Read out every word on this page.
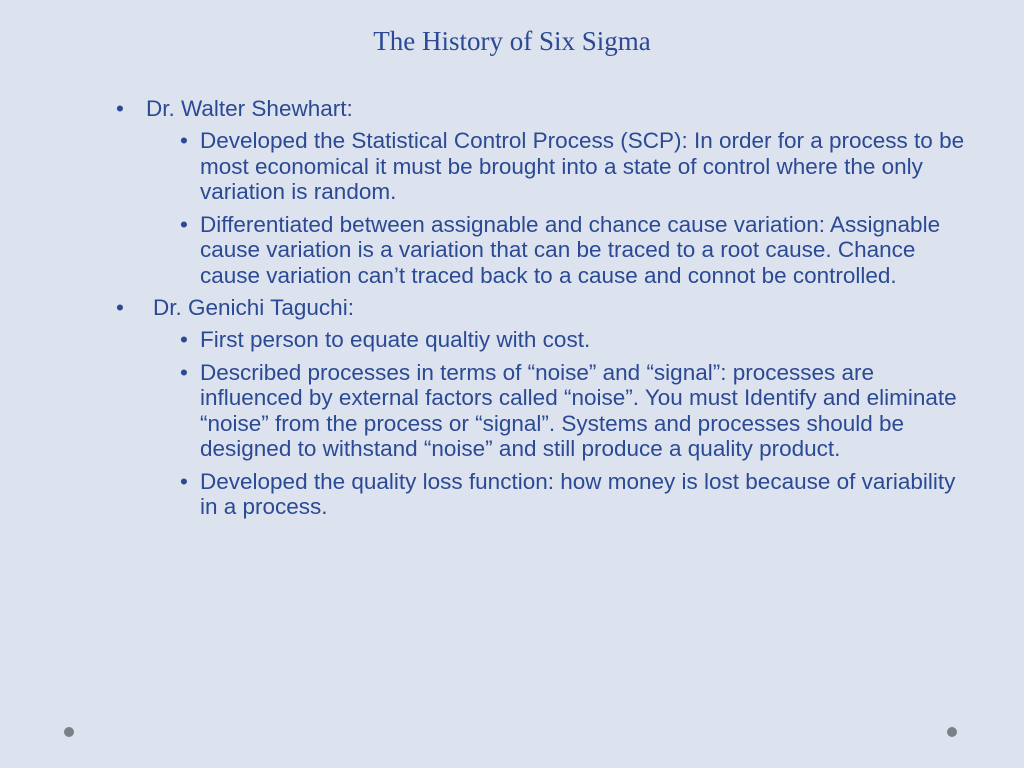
The History of Six Sigma
• Dr. Walter Shewhart:
• Developed the Statistical Control Process (SCP): In order for a process to be most economical it must be brought into a state of control where the only variation is random.
• Differentiated between assignable and chance cause variation: Assignable cause variation is a variation that can be traced to a root cause. Chance cause variation can’t traced back to a cause and connot be controlled.
• Dr. Genichi Taguchi:
• First person to equate qualtiy with cost.
• Described processes in terms of “noise” and “signal”: processes are influenced by external factors called “noise”. You must Identify and eliminate “noise” from the process or “signal”. Systems and processes should be designed to withstand “noise” and still produce a quality product.
• Developed the quality loss function: how money is lost because of variability in a process.
